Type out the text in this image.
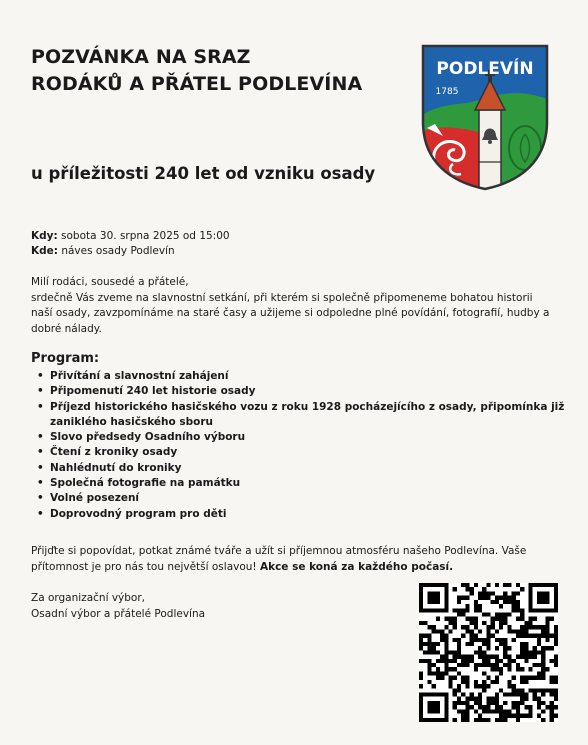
POZVÁNKA NA SRAZ
RODÁKŮ A PŘÁTEL PODLEVÍNA
u příležitosti 240 let od vzniku osady
PODLEVÍN
1785
Kdy: sobota 30. srpna 2025 od 15:00
Kde: náves osady Podlevín

Milí rodáci, sousedé a přátelé,

srdečně Vás zveme na slavnostní setkání, při kterém si společně připomeneme bohatou historii naší osady, zavzpomínáme na staré časy a užijeme si odpoledne plné povídání, fotografií, hudby a dobré nálady.

Program:
• Přivítání a slavnostní zahájení
• Připomenutí 240 let historie osady
• Příjezd historického hasičského vozu z roku 1928 pocházejícího z osady, připomínka již zaniklého hasičského sboru
• Slovo předsedy Osadního výboru
• Čtení z kroniky osady
• Nahlédnutí do kroniky
• Společná fotografie na památku
• Volné posezení
• Doprovodný program pro děti

Přijďte si popovídat, potkat známé tváře a užít si příjemnou atmosféru našeho Podlevína. Vaše přítomnost je pro nás tou největší oslavou! Akce se koná za každého počasí.

Za organizační výbor,

Osadní výbor a přátelé Podlevína
